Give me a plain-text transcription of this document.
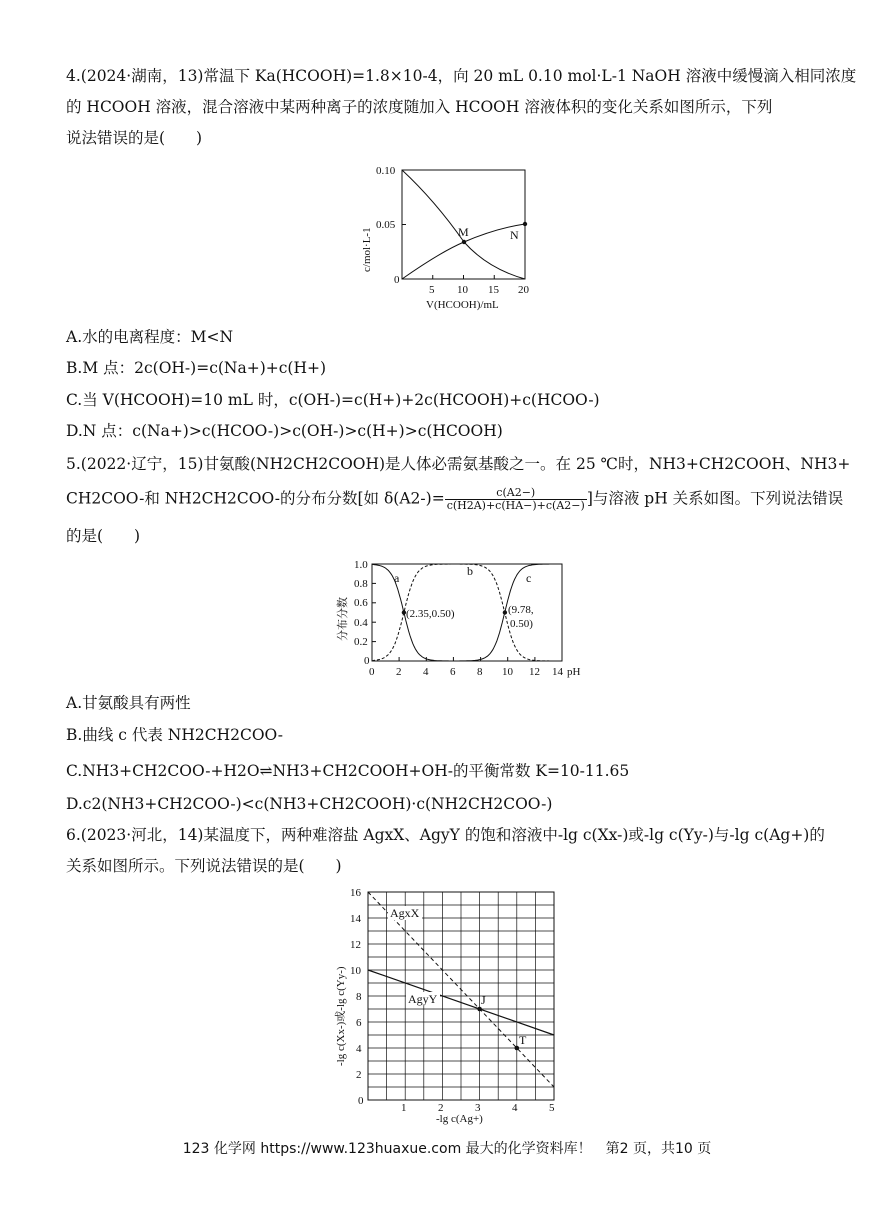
4.(2024·湖南，13)常温下 Ka(HCOOH)=1.8×10-4，向 20 mL 0.10 mol·L-1 NaOH 溶液中缓慢滴入相同浓度
的 HCOOH 溶液，混合溶液中某两种离子的浓度随加入 HCOOH 溶液体积的变化关系如图所示，下列
说法错误的是(　　)
M	N
0.10
0.05
0
5 10 15 20
V(HCOOH)/mL
c/mol·L-1
A.水的电离程度：M<N
B.M 点：2c(OH-)=c(Na+)+c(H+)
C.当 V(HCOOH)=10 mL 时，c(OH-)=c(H+)+2c(HCOOH)+c(HCOO-)
D.N 点：c(Na+)>c(HCOO-)>c(OH-)>c(H+)>c(HCOOH)
5.(2022·辽宁，15)甘氨酸(NH2CH2COOH)是人体必需氨基酸之一。在 25 ℃时，NH3+CH2COOH、NH3+
CH2COO-和 NH2CH2COO-的分布分数[如 $\delta(A2-)= \frac{c(A2-)}{c(H2A)+c(HA-)+c(A2-)}$ ]与溶液 pH 关系如图。下列说法错误
的是(　　)
a	b	c
(2.35,0.50)	(9.78,
0.50)
1.0
0.8
0.6
0.4
0.2
0
0 2 4 6 8 10 12 14 pH
分布分数
A.甘氨酸具有两性
B.曲线 c 代表 NH2CH2COO-
C.NH3+CH2COO-+H2O⇌NH3+CH2COOH+OH-的平衡常数 K=10-11.65
D.c2(NH3+CH2COO-)<c(NH3+CH2COOH)·c(NH2CH2COO-)
6.(2023·河北，14)某温度下，两种难溶盐 AgxX、AgyY 的饱和溶液中-lg c(Xx-)或-lg c(Yy-)与-lg c(Ag+)的
关系如图所示。下列说法错误的是(　　)
AgxX
AgyY	J
T
16
14
12
10
8
6
4
2
0
1	2	3	4	5
-lg c(Ag+)
-lg c(Xx-)或-lg c(Yy-)
123 化学网 https://www.123huaxue.com 最大的化学资料库！　第2 页，共10 页
